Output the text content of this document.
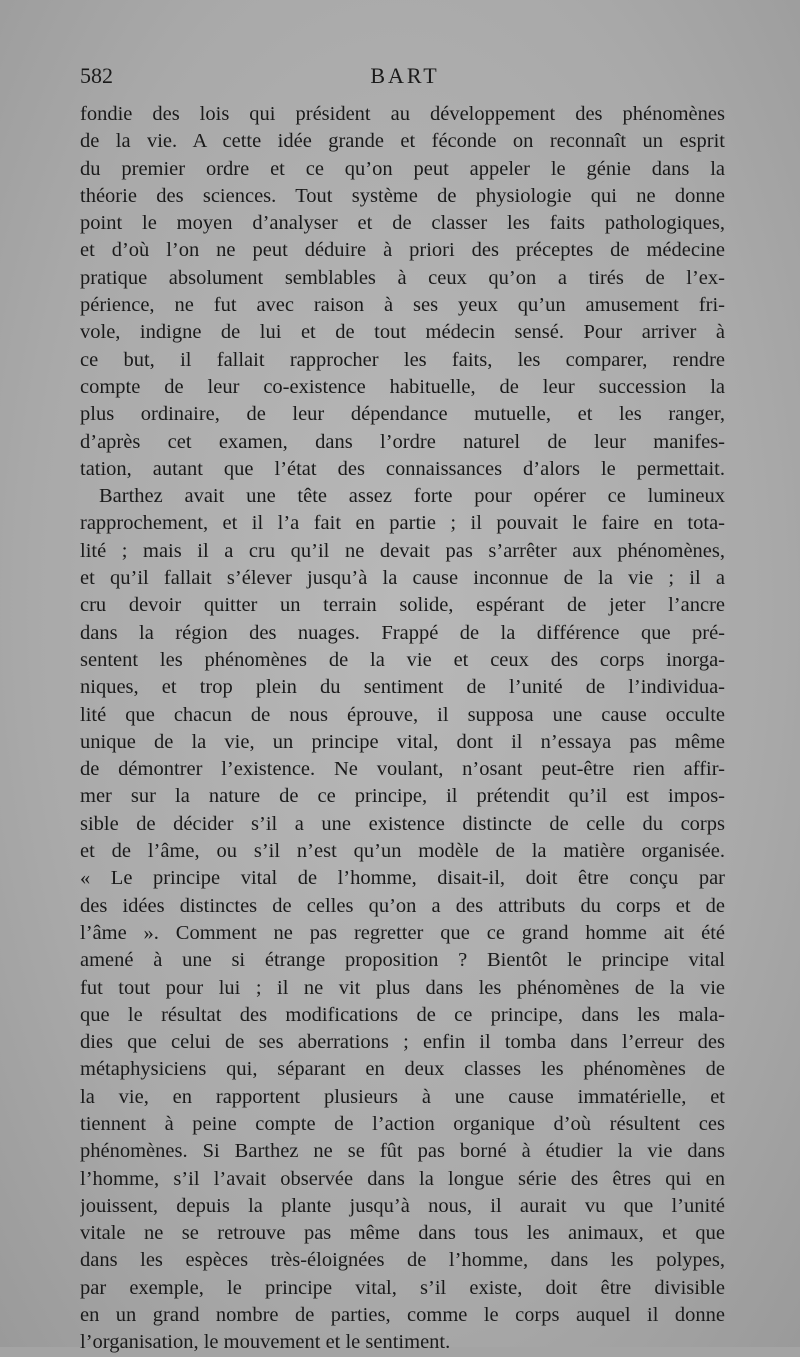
582	BART
fondie des lois qui président au développement des phénomènes
de la vie. A cette idée grande et féconde on reconnaît un esprit
du premier ordre et ce qu’on peut appeler le génie dans la
théorie des sciences. Tout système de physiologie qui ne donne
point le moyen d’analyser et de classer les faits pathologiques,
et d’où l’on ne peut déduire à priori des préceptes de médecine
pratique absolument semblables à ceux qu’on a tirés de l’ex-
périence, ne fut avec raison à ses yeux qu’un amusement fri-
vole, indigne de lui et de tout médecin sensé. Pour arriver à
ce but, il fallait rapprocher les faits, les comparer, rendre
compte de leur co-existence habituelle, de leur succession la
plus ordinaire, de leur dépendance mutuelle, et les ranger,
d’après cet examen, dans l’ordre naturel de leur manifes-
tation, autant que l’état des connaissances d’alors le permettait.
Barthez avait une tête assez forte pour opérer ce lumineux
rapprochement, et il l’a fait en partie ; il pouvait le faire en tota-
lité ; mais il a cru qu’il ne devait pas s’arrêter aux phénomènes,
et qu’il fallait s’élever jusqu’à la cause inconnue de la vie ; il a
cru devoir quitter un terrain solide, espérant de jeter l’ancre
dans la région des nuages. Frappé de la différence que pré-
sentent les phénomènes de la vie et ceux des corps inorga-
niques, et trop plein du sentiment de l’unité de l’individua-
lité que chacun de nous éprouve, il supposa une cause occulte
unique de la vie, un principe vital, dont il n’essaya pas même
de démontrer l’existence. Ne voulant, n’osant peut-être rien affir-
mer sur la nature de ce principe, il prétendit qu’il est impos-
sible de décider s’il a une existence distincte de celle du corps
et de l’âme, ou s’il n’est qu’un modèle de la matière organisée.
« Le principe vital de l’homme, disait-il, doit être conçu par
des idées distinctes de celles qu’on a des attributs du corps et de
l’âme ». Comment ne pas regretter que ce grand homme ait été
amené à une si étrange proposition ? Bientôt le principe vital
fut tout pour lui ; il ne vit plus dans les phénomènes de la vie
que le résultat des modifications de ce principe, dans les mala-
dies que celui de ses aberrations ; enfin il tomba dans l’erreur des
métaphysiciens qui, séparant en deux classes les phénomènes de
la vie, en rapportent plusieurs à une cause immatérielle, et
tiennent à peine compte de l’action organique d’où résultent ces
phénomènes. Si Barthez ne se fût pas borné à étudier la vie dans
l’homme, s’il l’avait observée dans la longue série des êtres qui en
jouissent, depuis la plante jusqu’à nous, il aurait vu que l’unité
vitale ne se retrouve pas même dans tous les animaux, et que
dans les espèces très-éloignées de l’homme, dans les polypes,
par exemple, le principe vital, s’il existe, doit être divisible
en un grand nombre de parties, comme le corps auquel il donne
l’organisation, le mouvement et le sentiment.
